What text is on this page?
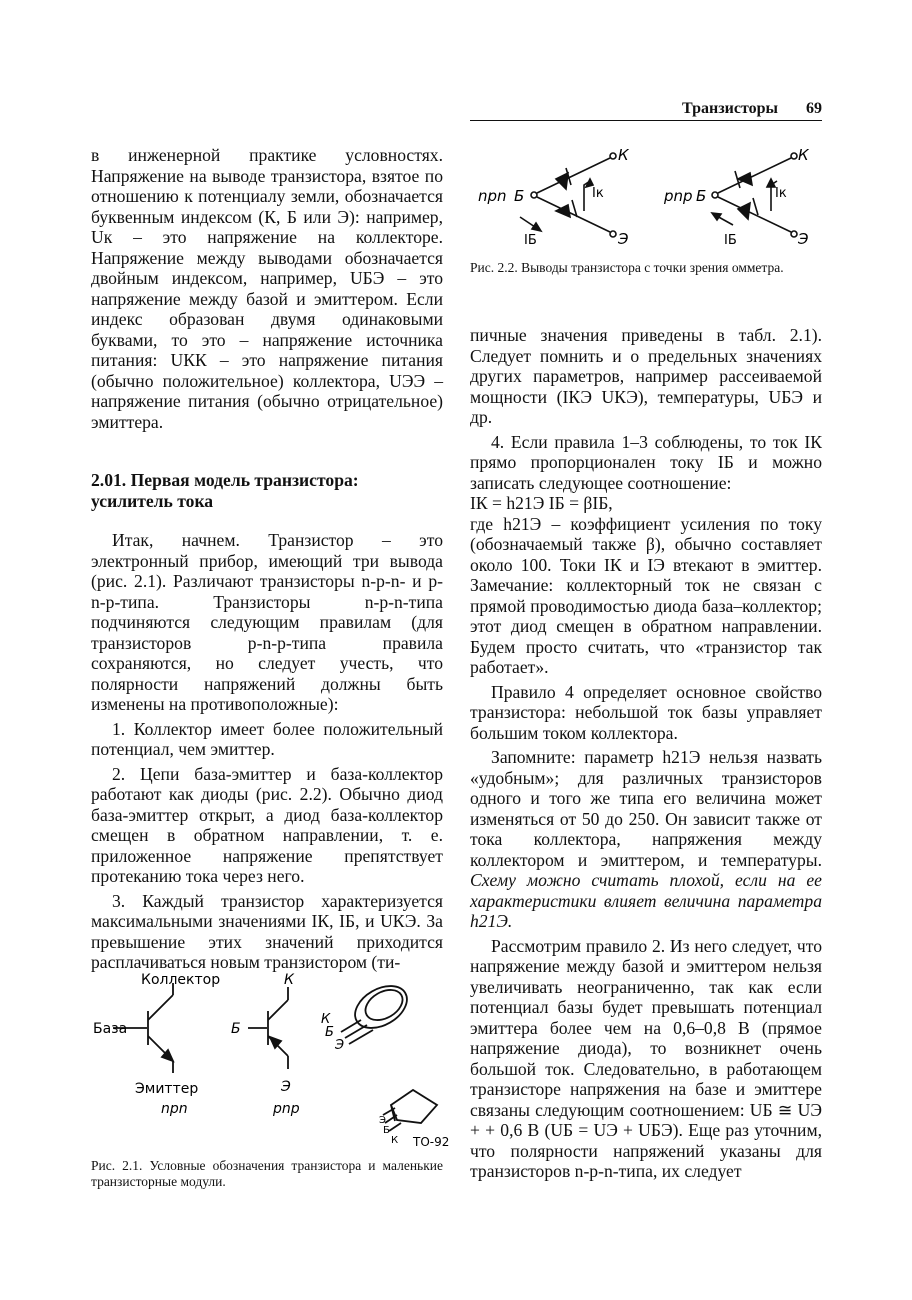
Транзисторы 69

в инженерной практике условностях. Напряжение на выводе транзистора, взятое по отношению к потенциалу земли, обозначается буквенным индексом (К, Б или Э): например, Uк – это напряжение на коллекторе. Напряжение между выводами обозначается двойным индексом, например, UБЭ – это напряжение между базой и эмиттером. Если индекс образован двумя одинаковыми буквами, то это – напряжение источника питания: UКК – это напряжение питания (обычно положительное) коллектора, UЭЭ – напряжение питания (обычно отрицательное) эмиттера.

2.01. Первая модель транзистора: усилитель тока

Итак, начнем. Транзистор – это электронный прибор, имеющий три вывода (рис. 2.1). Различают транзисторы n-p-n- и p-n-p-типа. Транзисторы n-p-n-типа подчиняются следующим правилам (для транзисторов p-n-p-типа правила сохраняются, но следует учесть, что полярности напряжений должны быть изменены на противоположные):

1. Коллектор имеет более положительный потенциал, чем эмиттер.

2. Цепи база-эмиттер и база-коллектор работают как диоды (рис. 2.2). Обычно диод база-эмиттер открыт, а диод база-коллектор смещен в обратном направлении, т. е. приложенное напряжение препятствует протеканию тока через него.

3. Каждый транзистор характеризуется максимальными значениями IК, IБ, и UКЭ. За превышение этих значений приходится расплачиваться новым транзистором (ти-

Коллектор
База
Эмиттер
npn
К
Б
Э
pnp
К
Б
Э
Э
Б
К ТО-92
Рис. 2.1. Условные обозначения транзистора и маленькие транзисторные модули.
npn Б
К
Э
Iк
IБ
pnp Б
К
Э
Iк
IБ
Рис. 2.2. Выводы транзистора с точки зрения омметра.

пичные значения приведены в табл. 2.1). Следует помнить и о предельных значениях других параметров, например рассеиваемой мощности (IКЭ UКЭ), температуры, UБЭ и др.

4. Если правила 1–3 соблюдены, то ток IК прямо пропорционален току IБ и можно записать следующее соотношение:

IК = h21Э IБ = βIБ,

где h21Э – коэффициент усиления по току (обозначаемый также β), обычно составляет около 100. Токи IК и IЭ втекают в эмиттер. Замечание: коллекторный ток не связан с прямой проводимостью диода база–коллектор; этот диод смещен в обратном направлении. Будем просто считать, что «транзистор так работает».

Правило 4 определяет основное свойство транзистора: небольшой ток базы управляет большим током коллектора.

Запомните: параметр h21Э нельзя назвать «удобным»; для различных транзисторов одного и того же типа его величина может изменяться от 50 до 250. Он зависит также от тока коллектора, напряжения между коллектором и эмиттером, и температуры. Схему можно считать плохой, если на ее характеристики влияет величина параметра h21Э.

Рассмотрим правило 2. Из него следует, что напряжение между базой и эмиттером нельзя увеличивать неограниченно, так как если потенциал базы будет превышать потенциал эмиттера более чем на 0,6–0,8 В (прямое напряжение диода), то возникнет очень большой ток. Следовательно, в работающем транзисторе напряжения на базе и эмиттере связаны следующим соотношением: UБ ≅ UЭ + + 0,6 В (UБ = UЭ + UБЭ). Еще раз уточним, что полярности напряжений указаны для транзисторов n-p-n-типа, их следует
